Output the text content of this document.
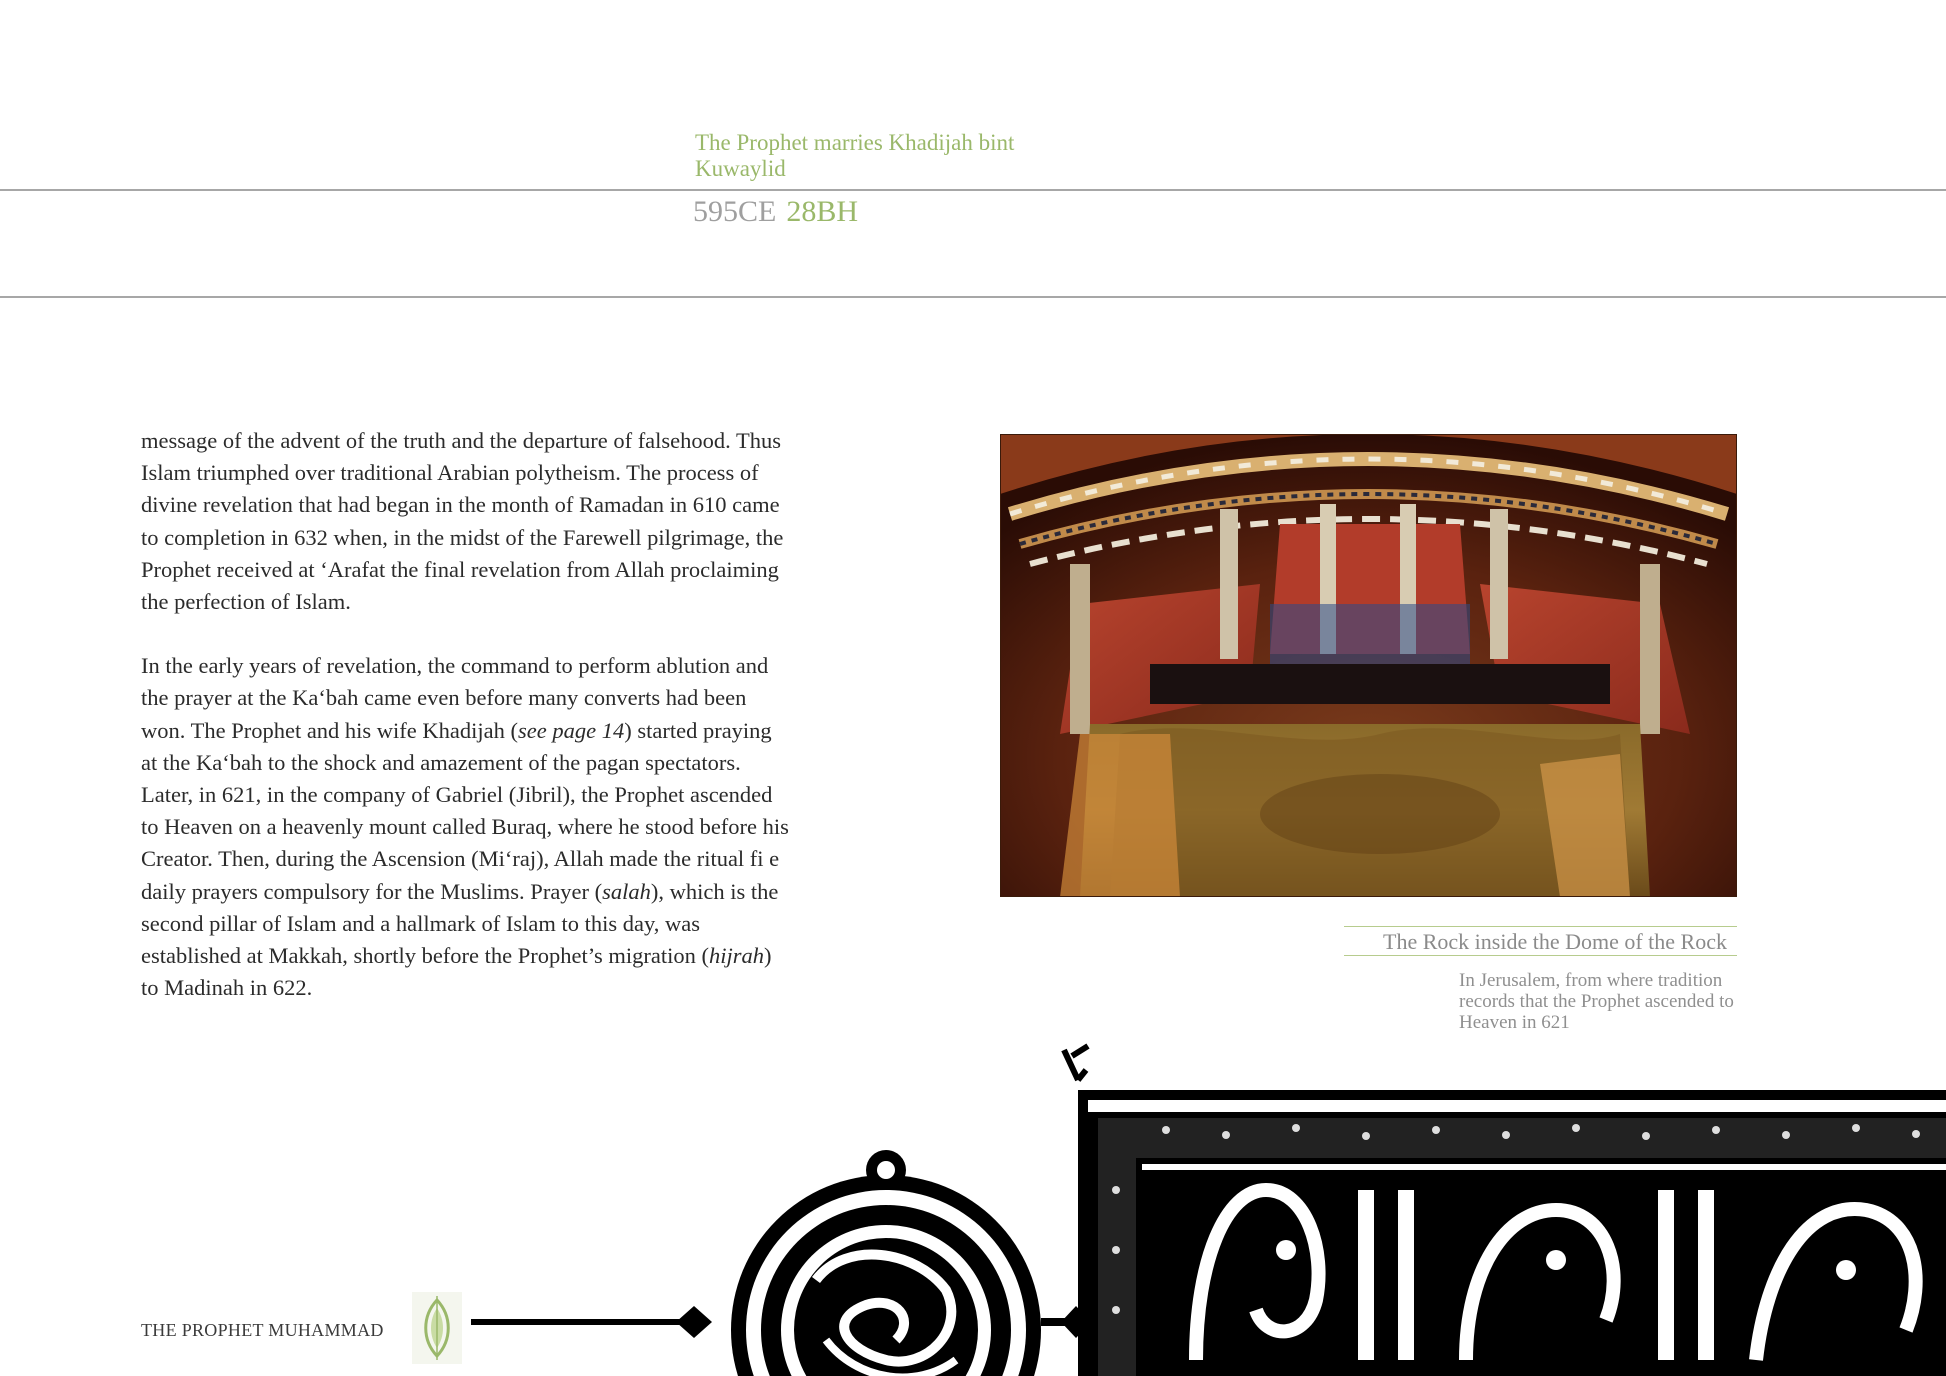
The Prophet marries Khadijah bint Kuwaylid
595CE 28BH

message of the advent of the truth and the departure of falsehood. Thus Islam triumphed over traditional Arabian polytheism. The process of divine revelation that had began in the month of Ramadan in 610 came to completion in 632 when, in the midst of the Farewell pilgrimage, the Prophet received at ‘Arafat the final revelation from Allah proclaiming the perfection of Islam.

In the early years of revelation, the command to perform ablution and the prayer at the Ka‘bah came even before many converts had been won. The Prophet and his wife Khadijah (see page 14) started praying at the Ka‘bah to the shock and amazement of the pagan spectators. Later, in 621, in the company of Gabriel (Jibril), the Prophet ascended to Heaven on a heavenly mount called Buraq, where he stood before his Creator. Then, during the Ascension (Mi‘raj), Allah made the ritual fi e daily prayers compulsory for the Muslims. Prayer (salah), which is the second pillar of Islam and a hallmark of Islam to this day, was established at Makkah, shortly before the Prophet’s migration (hijrah) to Madinah in 622.

The Rock inside the Dome of the Rock
In Jerusalem, from where tradition records that the Prophet ascended to Heaven in 621
THE PROPHET MUHAMMAD
